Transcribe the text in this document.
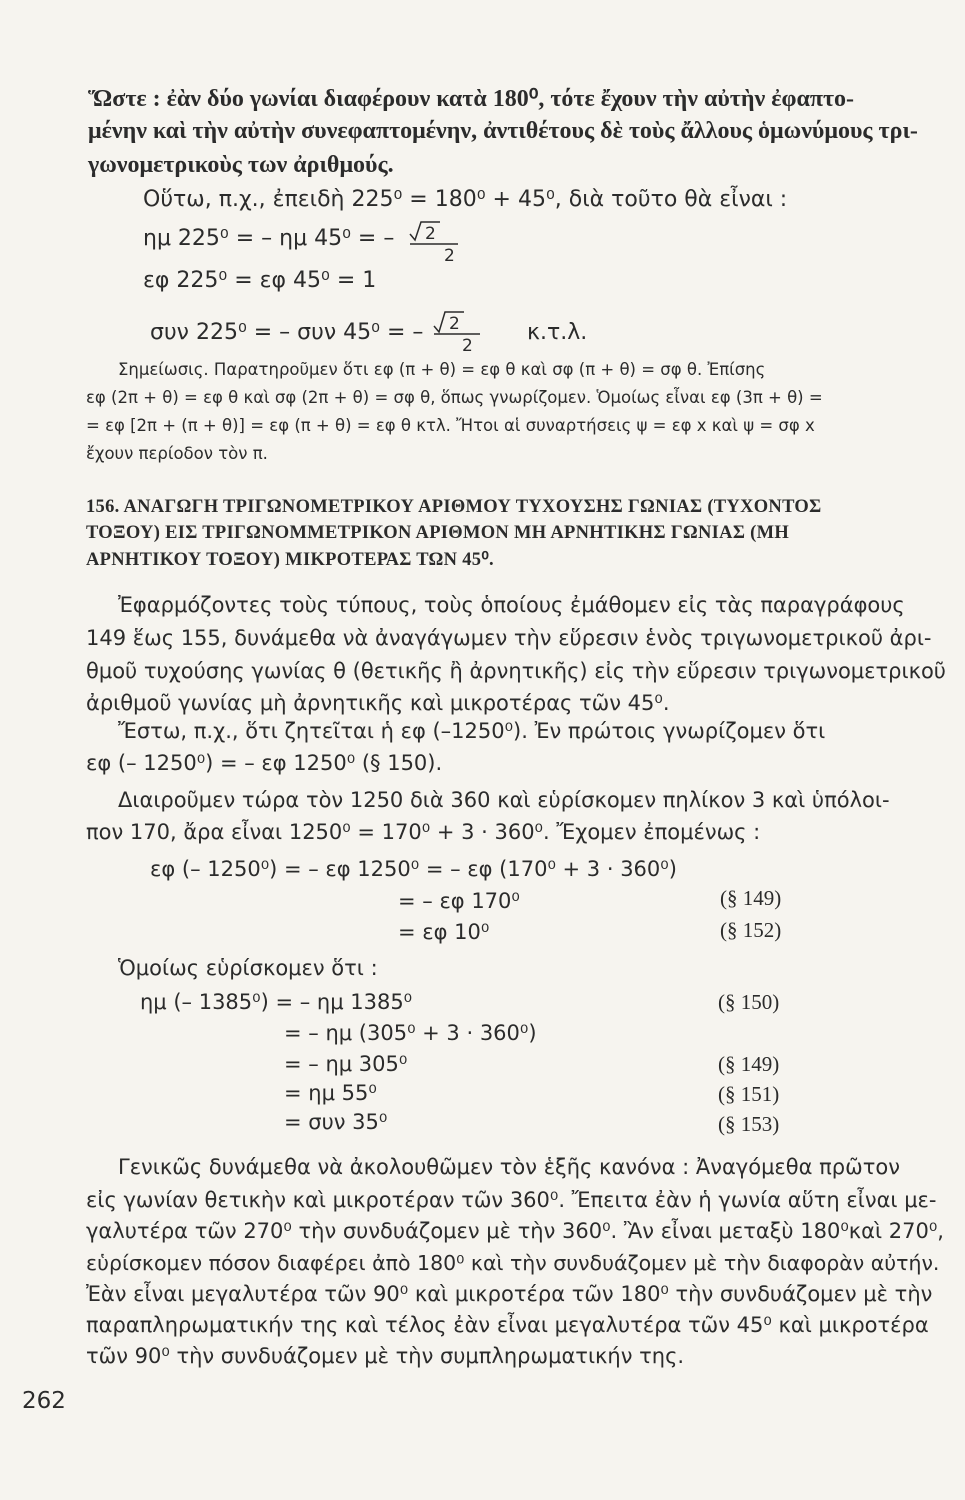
Ὥστε : ἐὰν δύο γωνίαι διαφέρουν κατὰ 180⁰, τότε ἔχουν τὴν αὐτὴν ἐφαπτο-
μένην καὶ τὴν αὐτὴν συνεφαπτομένην, ἀντιθέτους δὲ τοὺς ἄλλους ὁμωνύμους τρι-
γωνομετρικοὺς των ἀριθμούς.
Οὕτω, π.χ., ἐπειδὴ 225⁰ = 180⁰ + 45⁰, διὰ τοῦτο θὰ εἶναι :
ημ 225⁰ = – ημ 45⁰ = – 2
2
εφ 225⁰ = εφ 45⁰ = 1
συν 225⁰ = – συν 45⁰ = – 2
2
κ.τ.λ.
Σημείωσις. Παρατηροῦμεν ὅτι εφ (π + θ) = εφ θ καὶ σφ (π + θ) = σφ θ. Ἐπίσης
εφ (2π + θ) = εφ θ καὶ σφ (2π + θ) = σφ θ, ὅπως γνωρίζομεν. Ὁμοίως εἶναι εφ (3π + θ) =
= εφ [2π + (π + θ)] = εφ (π + θ) = εφ θ κτλ. Ἤτοι αἱ συναρτήσεις ψ = εφ x καὶ ψ = σφ x
ἔχουν περίοδον τὸν π.
156. ΑΝΑΓΩΓΗ ΤΡΙΓΩΝΟΜΕΤΡΙΚΟΥ ΑΡΙΘΜΟΥ ΤΥΧΟΥΣΗΣ ΓΩΝΙΑΣ (ΤΥΧΟΝΤΟΣ
ΤΟΞΟΥ) ΕΙΣ ΤΡΙΓΩΝΟΜΜΕΤΡΙΚΟΝ ΑΡΙΘΜΟΝ ΜΗ ΑΡΝΗΤΙΚΗΣ ΓΩΝΙΑΣ (ΜΗ
ΑΡΝΗΤΙΚΟΥ ΤΟΞΟΥ) ΜΙΚΡΟΤΕΡΑΣ ΤΩΝ 45⁰.
Ἐφαρμόζοντες τοὺς τύπους, τοὺς ὁποίους ἐμάθομεν εἰς τὰς παραγράφους
149 ἕως 155, δυνάμεθα νὰ ἀναγάγωμεν τὴν εὕρεσιν ἑνὸς τριγωνομετρικοῦ ἀρι-
θμοῦ τυχούσης γωνίας θ (θετικῆς ἢ ἀρνητικῆς) εἰς τὴν εὕρεσιν τριγωνομετρικοῦ
ἀριθμοῦ γωνίας μὴ ἀρνητικῆς καὶ μικροτέρας τῶν 45⁰.
Ἔστω, π.χ., ὅτι ζητεῖται ἡ εφ (–1250⁰). Ἐν πρώτοις γνωρίζομεν ὅτι
εφ (– 1250⁰) = – εφ 1250⁰ (§ 150).
Διαιροῦμεν τώρα τὸν 1250 διὰ 360 καὶ εὑρίσκομεν πηλίκον 3 καὶ ὑπόλοι-
πον 170, ἄρα εἶναι 1250⁰ = 170⁰ + 3 · 360⁰. Ἔχομεν ἐπομένως :
εφ (– 1250⁰) = – εφ 1250⁰ = – εφ (170⁰ + 3 · 360⁰)
= – εφ 170⁰	(§ 149)
= εφ 10⁰	(§ 152)
Ὁμοίως εὑρίσκομεν ὅτι :
ημ (– 1385⁰) = – ημ 1385⁰	(§ 150)
= – ημ (305⁰ + 3 · 360⁰)
= – ημ 305⁰	(§ 149)
= ημ 55⁰	(§ 151)
= συν 35⁰	(§ 153)
Γενικῶς δυνάμεθα νὰ ἀκολουθῶμεν τὸν ἑξῆς κανόνα : Ἀναγόμεθα πρῶτον
εἰς γωνίαν θετικὴν καὶ μικροτέραν τῶν 360⁰. Ἔπειτα ἐὰν ἡ γωνία αὕτη εἶναι με-
γαλυτέρα τῶν 270⁰ τὴν συνδυάζομεν μὲ τὴν 360⁰. Ἂν εἶναι μεταξὺ 180⁰καὶ 270⁰,
εὑρίσκομεν πόσον διαφέρει ἀπὸ 180⁰ καὶ τὴν συνδυάζομεν μὲ τὴν διαφορὰν αὐτήν.
Ἐὰν εἶναι μεγαλυτέρα τῶν 90⁰ καὶ μικροτέρα τῶν 180⁰ τὴν συνδυάζομεν μὲ τὴν
παραπληρωματικήν της καὶ τέλος ἐὰν εἶναι μεγαλυτέρα τῶν 45⁰ καὶ μικροτέρα
τῶν 90⁰ τὴν συνδυάζομεν μὲ τὴν συμπληρωματικήν της.
262
